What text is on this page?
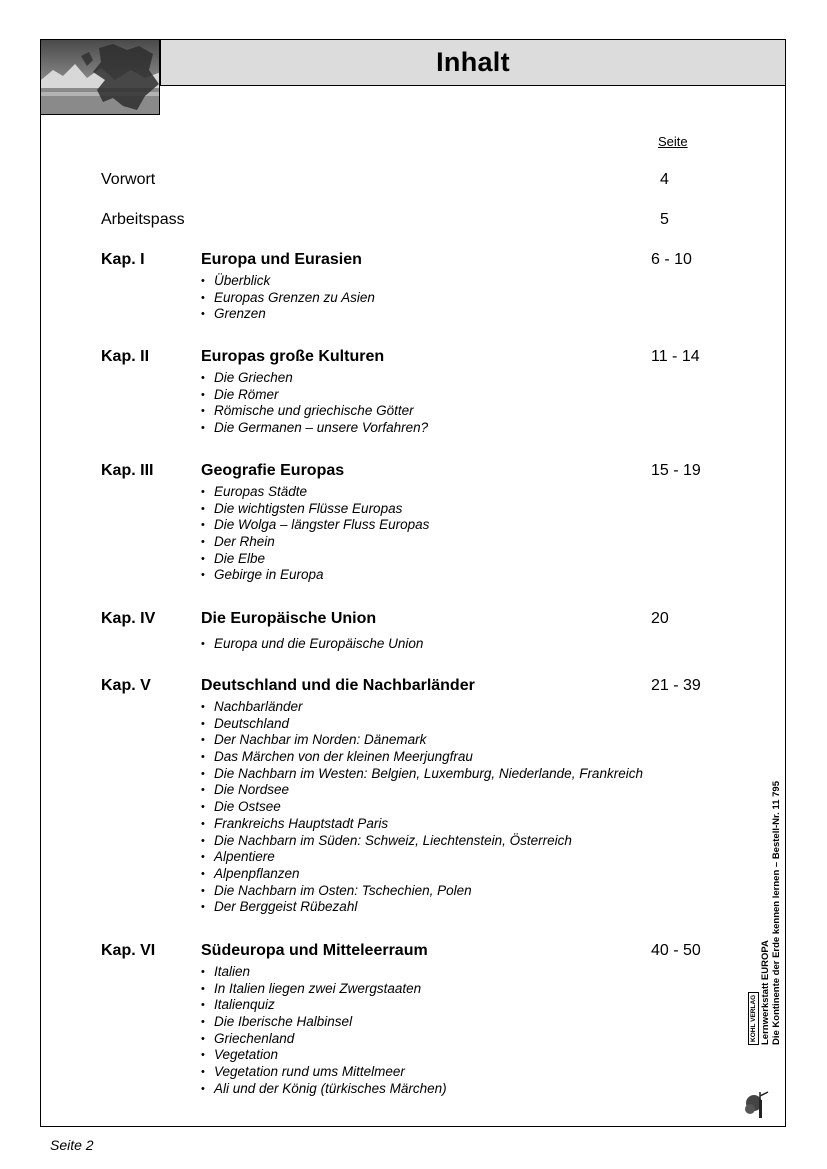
Inhalt
Seite
Vorwort	4
Arbeitspass	5
Kap. I	Europa und Eurasien	6 - 10
• Überblick
• Europas Grenzen zu Asien
• Grenzen
Kap. II	Europas große Kulturen	11 - 14
• Die Griechen
• Die Römer
• Römische und griechische Götter
• Die Germanen – unsere Vorfahren?
Kap. III	Geografie Europas	15 - 19
• Europas Städte
• Die wichtigsten Flüsse Europas
• Die Wolga – längster Fluss Europas
• Der Rhein
• Die Elbe
• Gebirge in Europa
Kap. IV	Die Europäische Union	20
• Europa und die Europäische Union
Kap. V	Deutschland und die Nachbarländer	21 - 39
• Nachbarländer
• Deutschland
• Der Nachbar im Norden: Dänemark
• Das Märchen von der kleinen Meerjungfrau
• Die Nachbarn im Westen: Belgien, Luxemburg, Niederlande, Frankreich
• Die Nordsee
• Die Ostsee
• Frankreichs Hauptstadt Paris
• Die Nachbarn im Süden: Schweiz, Liechtenstein, Österreich
• Alpentiere
• Alpenpflanzen
• Die Nachbarn im Osten: Tschechien, Polen
• Der Berggeist Rübezahl
Kap. VI	Südeuropa und Mitteleerraum	40 - 50
• Italien
• In Italien liegen zwei Zwergstaaten
• Italienquiz
• Die Iberische Halbinsel
• Griechenland
• Vegetation
• Vegetation rund ums Mittelmeer
• Ali und der König (türkisches Märchen)
KOHL VERLAG Lernwerkstatt EUROPA
Die Kontinente der Erde kennen lernen – Bestell-Nr. 11 795
Seite 2
